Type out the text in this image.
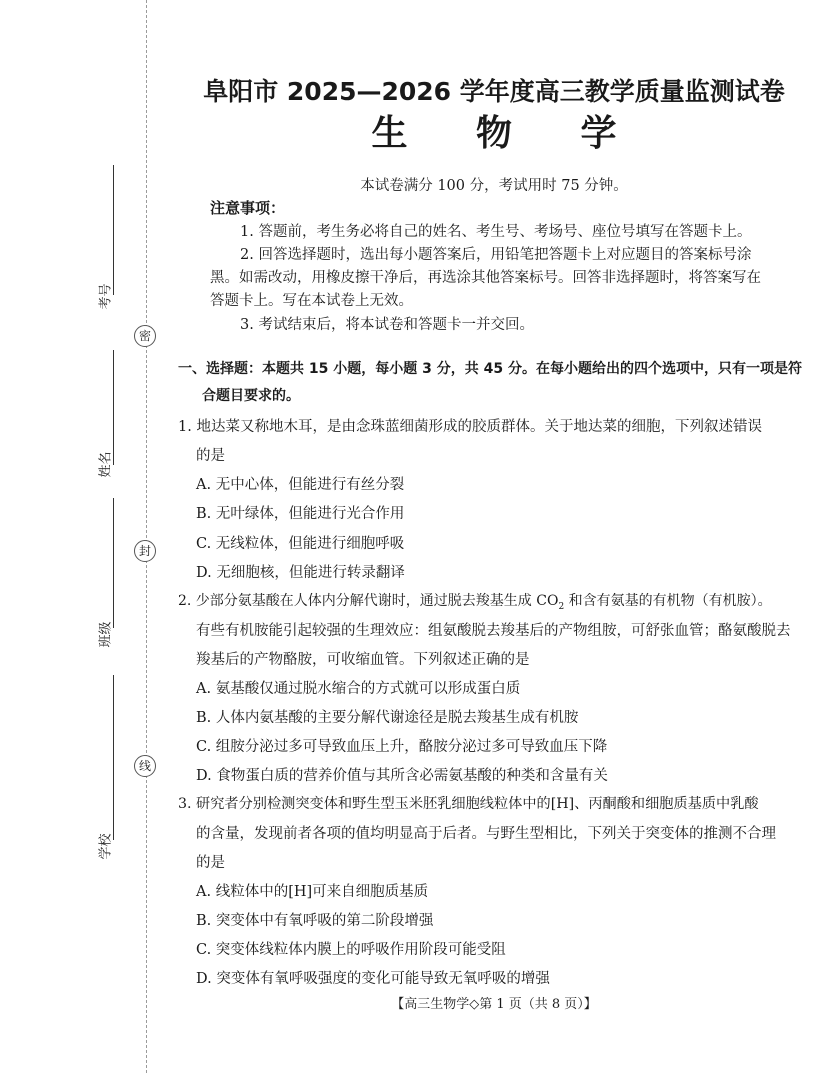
考号
密
姓名
封
班级
线
学校
阜阳市 2025—2026 学年度高三教学质量监测试卷
生 物 学
本试卷满分 100 分，考试用时 75 分钟。
注意事项：
1. 答题前，考生务必将自己的姓名、考生号、考场号、座位号填写在答题卡上。
2. 回答选择题时，选出每小题答案后，用铅笔把答题卡上对应题目的答案标号涂
黑。如需改动，用橡皮擦干净后，再选涂其他答案标号。回答非选择题时，将答案写在
答题卡上。写在本试卷上无效。
3. 考试结束后，将本试卷和答题卡一并交回。
一、选择题：本题共 15 小题，每小题 3 分，共 45 分。在每小题给出的四个选项中，只有一项是符
合题目要求的。
1. 地达菜又称地木耳，是由念珠蓝细菌形成的胶质群体。关于地达菜的细胞，下列叙述错误
的是
A. 无中心体，但能进行有丝分裂
B. 无叶绿体，但能进行光合作用
C. 无线粒体，但能进行细胞呼吸
D. 无细胞核，但能进行转录翻译
2. 少部分氨基酸在人体内分解代谢时，通过脱去羧基生成 $CO_2$ 和含有氨基的有机物（有机胺）。
有些有机胺能引起较强的生理效应：组氨酸脱去羧基后的产物组胺，可舒张血管；酪氨酸脱去
羧基后的产物酪胺，可收缩血管。下列叙述正确的是
A. 氨基酸仅通过脱水缩合的方式就可以形成蛋白质
B. 人体内氨基酸的主要分解代谢途径是脱去羧基生成有机胺
C. 组胺分泌过多可导致血压上升，酪胺分泌过多可导致血压下降
D. 食物蛋白质的营养价值与其所含必需氨基酸的种类和含量有关
3. 研究者分别检测突变体和野生型玉米胚乳细胞线粒体中的[H]、丙酮酸和细胞质基质中乳酸
的含量，发现前者各项的值均明显高于后者。与野生型相比，下列关于突变体的推测不合理
的是
A. 线粒体中的[H]可来自细胞质基质
B. 突变体中有氧呼吸的第二阶段增强
C. 突变体线粒体内膜上的呼吸作用阶段可能受阻
D. 突变体有氧呼吸强度的变化可能导致无氧呼吸的增强
【高三生物学◇第 1 页（共 8 页）】
